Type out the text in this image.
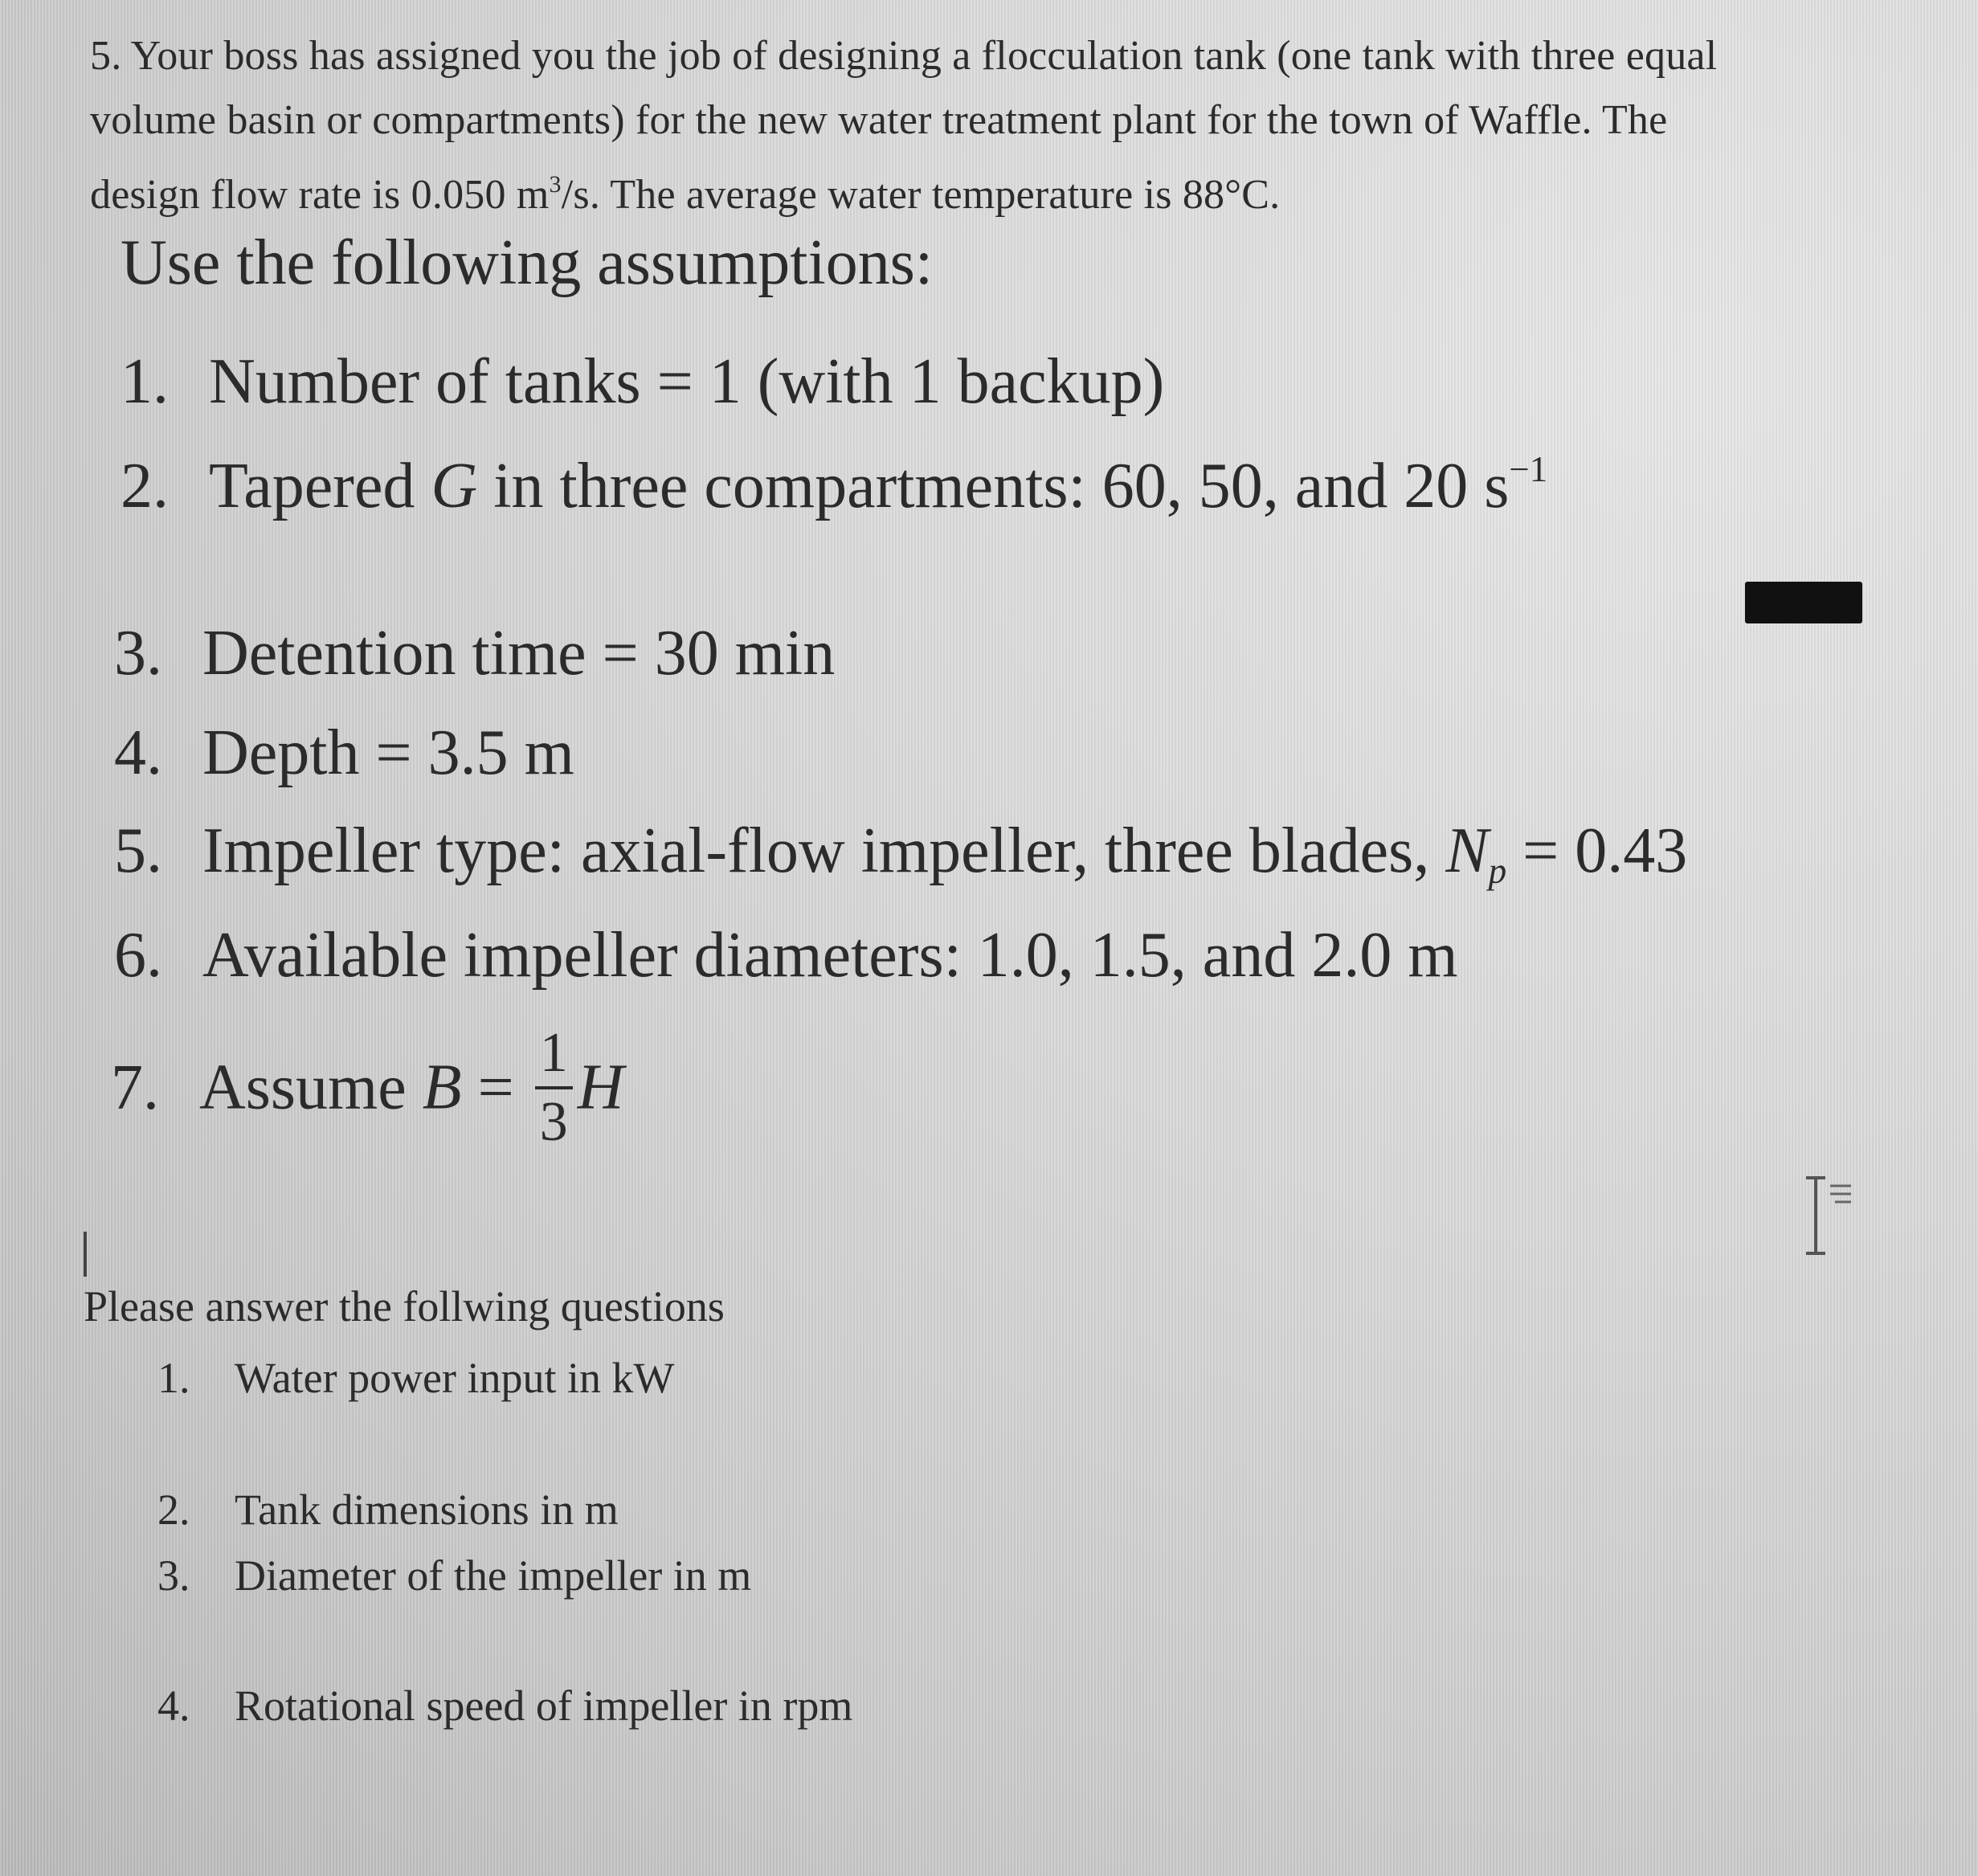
5. Your boss has assigned you the job of designing a flocculation tank (one tank with three equal
volume basin or compartments) for the new water treatment plant for the town of Waffle. The
design flow rate is 0.050 $m^3/s$. The average water temperature is 88°C.
Use the following assumptions:
1. Number of tanks = 1 (with 1 backup)
2. Tapered G in three compartments: 60, 50, and 20 $s^{-1}$
3. Detention time = 30 min
4. Depth = 3.5 m
5. Impeller type: axial-flow impeller, three blades, $N_p = 0.43$
6. Available impeller diameters: 1.0, 1.5, and 2.0 m
7. Assume $B = \frac{1}{3}$ H
Please answer the follwing questions
1. Water power input in kW
2. Tank dimensions in m
3. Diameter of the impeller in m
4. Rotational speed of impeller in rpm
